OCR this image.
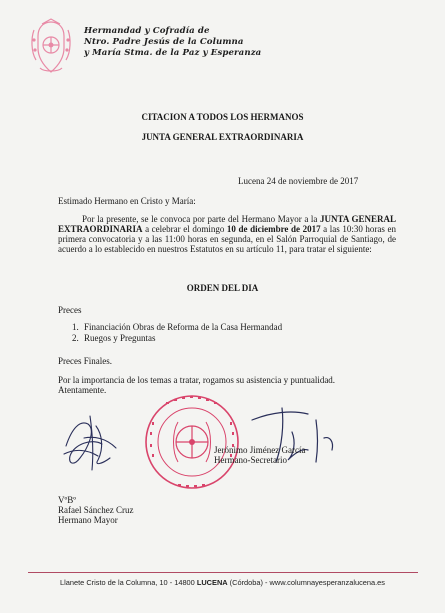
Hermandad y Cofradía de
Ntro. Padre Jesús de la Columna
y María Stma. de la Paz y Esperanza
CITACION A TODOS LOS HERMANOS
JUNTA GENERAL EXTRAORDINARIA
Lucena 24 de noviembre de 2017
Estimado Hermano en Cristo y María:
Por la presente, se le convoca por parte del Hermano Mayor a la JUNTA GENERAL EXTRAORDINARIA a celebrar el domingo 10 de diciembre de 2017 a las 10:30 horas en primera convocatoria y a las 11:00 horas en segunda, en el Salón Parroquial de Santiago, de acuerdo a lo establecido en nuestros Estatutos en su artículo 11, para tratar el siguiente:
ORDEN DEL DIA
Preces
1. Financiación Obras de Reforma de la Casa Hermandad
2. Ruegos y Preguntas
Preces Finales.
Por la importancia de los temas a tratar, rogamos su asistencia y puntualidad.
Atentamente.
Jerónimo Jiménez García
Hermano-Secretario
VºBº
Rafael Sánchez Cruz
Hermano Mayor
Llanete Cristo de la Columna, 10 - 14800 LUCENA (Córdoba) - www.columnayesperanzalucena.es
